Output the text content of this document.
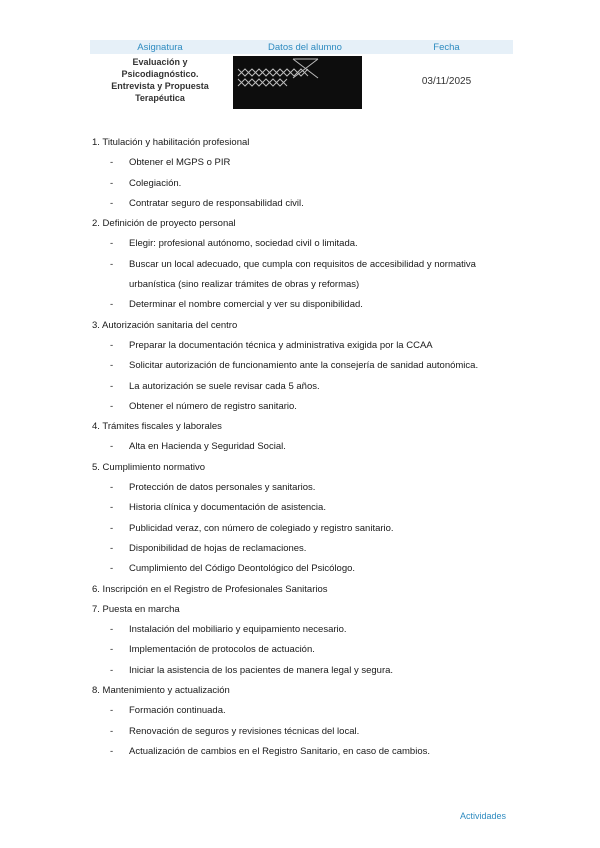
Asignatura	Datos del alumno	Fecha
Evaluación y
Psicodiagnóstico.
Entrevista y Propuesta
Terapéutica
03/11/2025
1. Titulación y habilitación profesional
- Obtener el MGPS o PIR
- Colegiación.
- Contratar seguro de responsabilidad civil.
2. Definición de proyecto personal
- Elegir: profesional autónomo, sociedad civil o limitada.
- Buscar un local adecuado, que cumpla con requisitos de accesibilidad y normativa urbanística (sino realizar trámites de obras y reformas)
- Determinar el nombre comercial y ver su disponibilidad.
3. Autorización sanitaria del centro
- Preparar la documentación técnica y administrativa exigida por la CCAA
- Solicitar autorización de funcionamiento ante la consejería de sanidad autonómica.
- La autorización se suele revisar cada 5 años.
- Obtener el número de registro sanitario.
4. Trámites fiscales y laborales
- Alta en Hacienda y Seguridad Social.
5. Cumplimiento normativo
- Protección de datos personales y sanitarios.
- Historia clínica y documentación de asistencia.
- Publicidad veraz, con número de colegiado y registro sanitario.
- Disponibilidad de hojas de reclamaciones.
- Cumplimiento del Código Deontológico del Psicólogo.
6. Inscripción en el Registro de Profesionales Sanitarios
7. Puesta en marcha
- Instalación del mobiliario y equipamiento necesario.
- Implementación de protocolos de actuación.
- Iniciar la asistencia de los pacientes de manera legal y segura.
8. Mantenimiento y actualización
- Formación continuada.
- Renovación de seguros y revisiones técnicas del local.
- Actualización de cambios en el Registro Sanitario, en caso de cambios.
Actividades
